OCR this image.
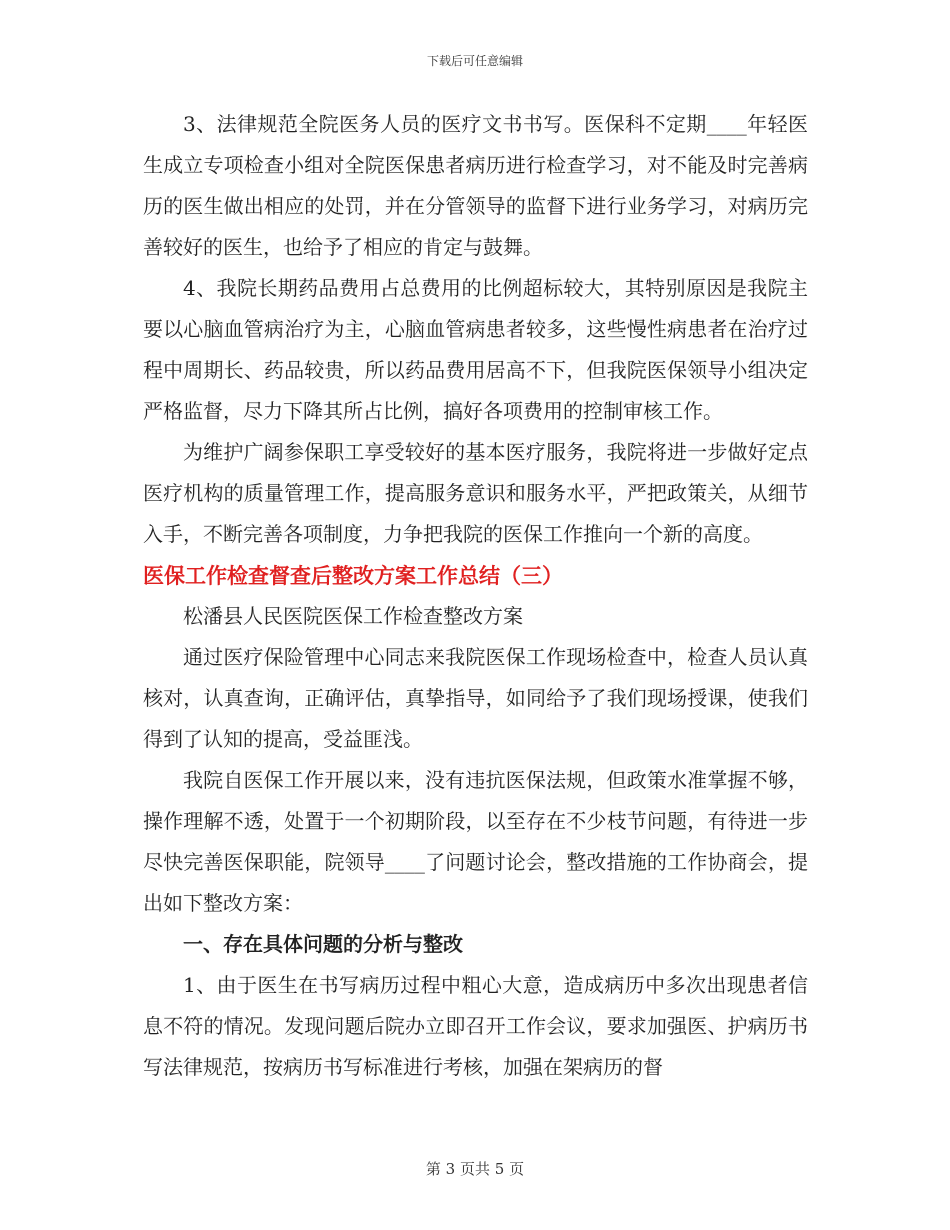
下载后可任意编辑

3、法律规范全院医务人员的医疗文书书写。医保科不定期____年轻医生成立专项检查小组对全院医保患者病历进行检查学习，对不能及时完善病历的医生做出相应的处罚，并在分管领导的监督下进行业务学习，对病历完善较好的医生，也给予了相应的肯定与鼓舞。

4、我院长期药品费用占总费用的比例超标较大，其特别原因是我院主要以心脑血管病治疗为主，心脑血管病患者较多，这些慢性病患者在治疗过程中周期长、药品较贵，所以药品费用居高不下，但我院医保领导小组决定严格监督，尽力下降其所占比例，搞好各项费用的控制审核工作。

为维护广阔参保职工享受较好的基本医疗服务，我院将进一步做好定点医疗机构的质量管理工作，提高服务意识和服务水平，严把政策关，从细节入手，不断完善各项制度，力争把我院的医保工作推向一个新的高度。

医保工作检查督查后整改方案工作总结（三）

松潘县人民医院医保工作检查整改方案

通过医疗保险管理中心同志来我院医保工作现场检查中，检查人员认真核对，认真查询，正确评估，真挚指导，如同给予了我们现场授课，使我们得到了认知的提高，受益匪浅。

我院自医保工作开展以来，没有违抗医保法规，但政策水准掌握不够，操作理解不透，处置于一个初期阶段，以至存在不少枝节问题，有待进一步尽快完善医保职能，院领导____了问题讨论会，整改措施的工作协商会，提出如下整改方案：

一、存在具体问题的分析与整改

1、由于医生在书写病历过程中粗心大意，造成病历中多次出现患者信息不符的情况。发现问题后院办立即召开工作会议，要求加强医、护病历书写法律规范，按病历书写标准进行考核，加强在架病历的督

第 3 页共 5 页
